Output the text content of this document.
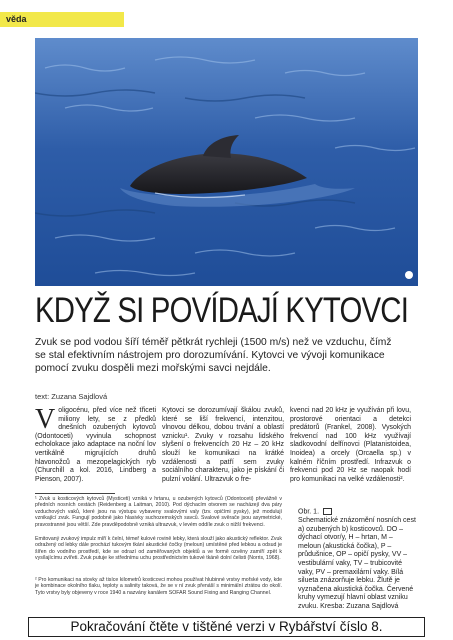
věda
KDYŽ SI POVÍDAJÍ KYTOVCI
Zvuk se pod vodou šíří téměř pětkrát rychleji (1500 m/s) než ve vzduchu, čímž se stal efektivním nástrojem pro dorozumívání. Kytovci ve vývoji komunikace pomocí zvuku dospěli mezi mořskými savci nejdále.
text: Zuzana Sajdlová
V oligocénu, před více než třiceti miliony lety, se z předků dnešních ozubených kytovců (Odontoceti) vyvinula schopnost echolokace jako adaptace na noční lov vertikálně migrujících druhů hlavonožců a mezopelagických ryb (Churchill a kol. 2016, Lindberg a Pienson, 2007).
Kytovci se dorozumívají škálou zvuků, které se liší frekvencí, intenzitou, vlnovou délkou, dobou trvání a oblastí vznicku¹. Zvuky v rozsahu lidského slyšení o frekvencích 20 Hz – 20 kHz slouží ke komunikaci na krátké vzdálenosti a patří sem zvuky sociálního charakteru, jako je pískání či pulzní volání. Ultrazvuk o fre-
kvenci nad 20 kHz je využíván při lovu, prostorové orientaci a detekci predátorů (Frankel, 2008). Vysokých frekvencí nad 100 kHz využívají sladkovodní delfínovci (Platanistoidea, Inoidea) a orcely (Orcaella sp.) v kalném říčním prostředí. Infrazvuk o frekvenci pod 20 Hz se naopak hodí pro komunikaci na velké vzdálenosti².
¹ Zvuk u kosticových kytovců (Mysticeti) vzniká v hrtanu, u ozubených kytovců (Odontoceti) převážně v předních nosních cestách (Reidenberg a Laitman, 2010). Pod dýchacím otvorem se nacházejí dva páry vzduchových vaků, které jsou na výstupu vybaveny svalovými valy (tzv. opičími pysky), jež modulují vznikající zvuk. Fungují podobně jako hlasivky suchozemských savců. Svalové svěrače jsou asymetrické, pravostranné jsou větší. Zde pravděpodobně vzniká ultrazvuk, v levém oddíle zvuk o nižší frekvenci.
Emitovaný zvukový impulz míří k čelní, témeř kulové rovině lebky, která slouží jako akustický reflektor. Zvuk odražený od lebky dále prochází tukovým tkání akustické čočky (meloun) umístěné před lebkou a odsud je šířen do vodního prostředí, kde se odrazí od zaměřovaných objektů a ve formě ozvěny zamíří zpět k vysílajícímu zvířeti. Zvuk putuje ke střednímu uchu prostřednictvím tukové tkáně dolní čelisti (Norris, 1968).
² Pro komunikaci na stovky až tisíce kilometrů kosticovci mohou používat hlubinné vrstvy mořské vody, kde je kombinace okolního tlaku, teploty a salinity taková, že se v ní zvuk přenáší s minimální ztrátou do okolí. Tyto vrstvy byly objeveny v roce 1940 a nazvány kanálem SOFAR Sound Fixing and Ranging Channel.
Obr. 1.
Schematické znázornění nosních cest a) ozubených b) kosticovců. DO – dýchací otvor/y, H – hrtan, M – meloun (akustická čočka), P – průdušnice, OP – opičí pysky, VV – vestibulární vaky, TV – trubicovité vaky, PV – premaxilární vaky. Bílá silueta znázorňuje lebku. Žlutě je vyznačena akustická čočka. Červené kruhy vymezují hlavní oblast vzniku zvuku. Kresba: Zuzana Sajdlová
Pokračování čtěte v tištěné verzi v Rybářství číslo 8.
